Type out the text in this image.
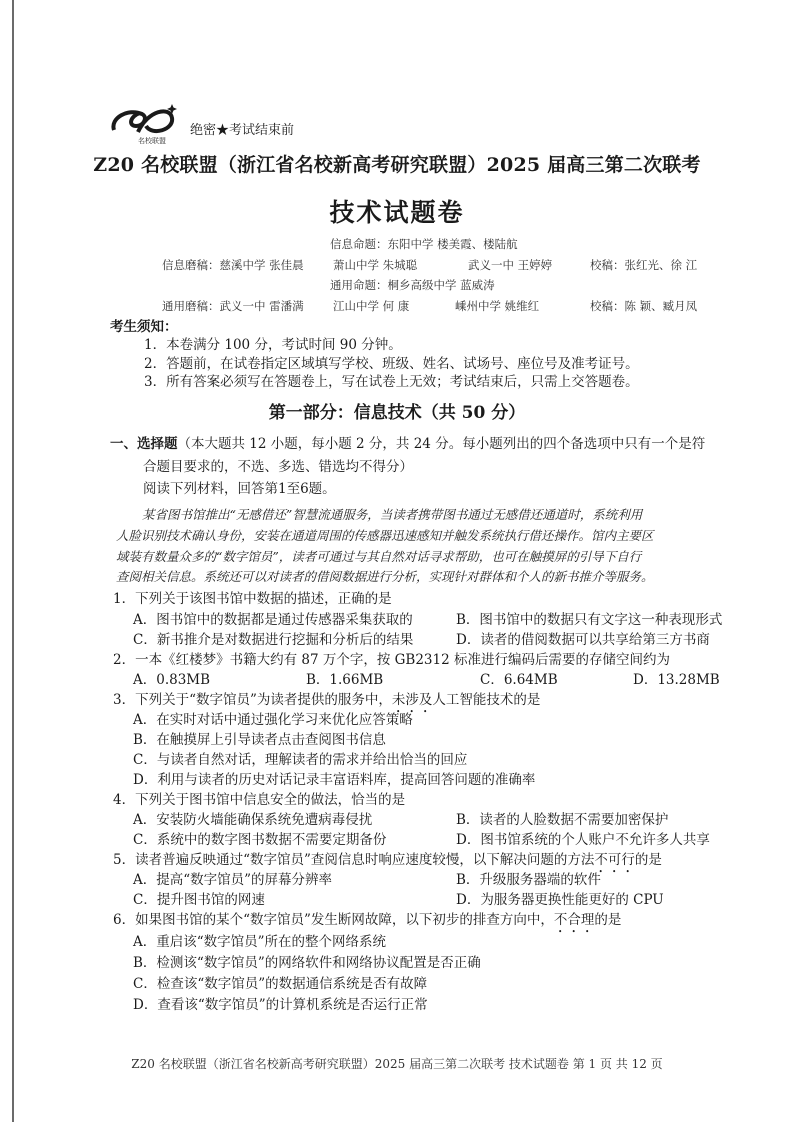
名校联盟
绝密★考试结束前
Z20 名校联盟（浙江省名校新高考研究联盟）2025 届高三第二次联考
技术试题卷
信息命题：东阳中学 楼美霞、楼陆航
信息磨稿：慈溪中学 张佳晨	萧山中学 朱城聪	武义一中 王婷婷	校稿：张红光、徐 江
通用命题：桐乡高级中学 蓝威涛
通用磨稿：武义一中 雷潘满	江山中学 何 康	嵊州中学 姚维红	校稿：陈 颖、臧月凤
考生须知：
1．本卷满分 100 分，考试时间 90 分钟。
2．答题前，在试卷指定区域填写学校、班级、姓名、试场号、座位号及准考证号。
3．所有答案必须写在答题卷上，写在试卷上无效；考试结束后，只需上交答题卷。
第一部分：信息技术（共 50 分）
一、选择题（本大题共 12 小题，每小题 2 分，共 24 分。每小题列出的四个备选项中只有一个是符
合题目要求的，不选、多选、错选均不得分）
阅读下列材料，回答第1至6题。
某省图书馆推出“无感借还”智慧流通服务，当读者携带图书通过无感借还通道时，系统利用
人脸识别技术确认身份，安装在通道周围的传感器迅速感知并触发系统执行借还操作。馆内主要区
域装有数量众多的“数字馆员”，读者可通过与其自然对话寻求帮助，也可在触摸屏的引导下自行
查阅相关信息。系统还可以对读者的借阅数据进行分析，实现针对群体和个人的新书推介等服务。
1．下列关于该图书馆中数据的描述，正确的是
A．图书馆中的数据都是通过传感器采集获取的	B．图书馆中的数据只有文字这一种表现形式
C．新书推介是对数据进行挖掘和分析后的结果	D．读者的借阅数据可以共享给第三方书商
2．一本《红楼梦》书籍大约有 87 万个字，按 GB2312 标准进行编码后需要的存储空间约为
A．0.83MB	B．1.66MB	C．6.64MB	D．13.28MB
3．下列关于“数字馆员”为读者提供的服务中，未涉及人工智能技术的是
A．在实时对话中通过强化学习来优化应答策略
B．在触摸屏上引导读者点击查阅图书信息
C．与读者自然对话，理解读者的需求并给出恰当的回应
D．利用与读者的历史对话记录丰富语料库，提高回答问题的准确率
4．下列关于图书馆中信息安全的做法，恰当的是
A．安装防火墙能确保系统免遭病毒侵扰	B．读者的人脸数据不需要加密保护
C．系统中的数字图书数据不需要定期备份	D．图书馆系统的个人账户不允许多人共享
5．读者普遍反映通过“数字馆员”查阅信息时响应速度较慢，以下解决问题的方法不可行的是
A．提高“数字馆员”的屏幕分辨率	B．升级服务器端的软件
C．提升图书馆的网速	D．为服务器更换性能更好的 CPU
6．如果图书馆的某个“数字馆员”发生断网故障，以下初步的排查方向中，不合理的是
A．重启该“数字馆员”所在的整个网络系统
B．检测该“数字馆员”的网络软件和网络协议配置是否正确
C．检查该“数字馆员”的数据通信系统是否有故障
D．查看该“数字馆员”的计算机系统是否运行正常
Z20 名校联盟（浙江省名校新高考研究联盟）2025 届高三第二次联考 技术试题卷 第 1 页 共 12 页
